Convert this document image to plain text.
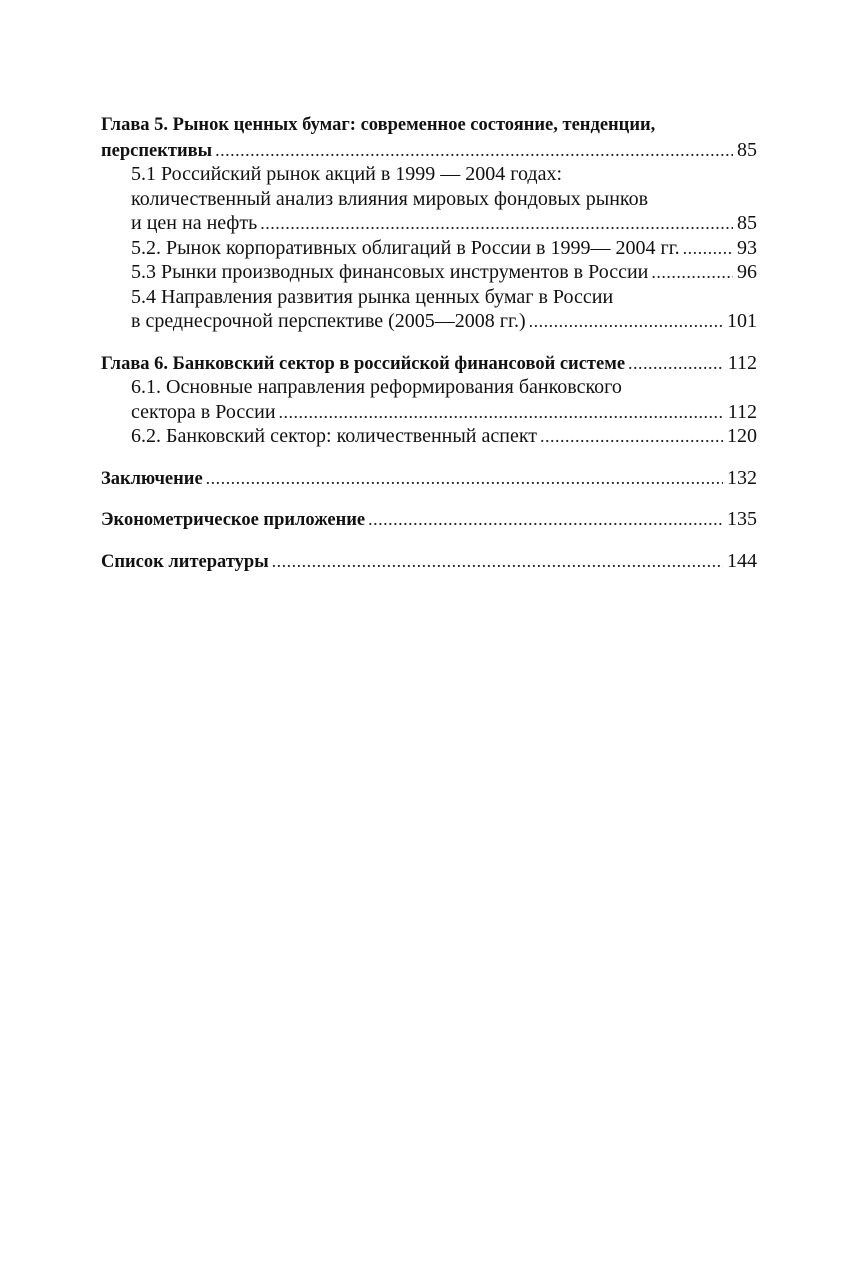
Глава 5. Рынок ценных бумаг: современное состояние, тенденции,
перспективы .....	85
5.1 Российский рынок акций в 1999 — 2004 годах:
количественный анализ влияния мировых фондовых рынков
и цен на нефть .....	85
5.2. Рынок корпоративных облигаций в России в 1999— 2004 гг. .....	93
5.3 Рынки производных финансовых инструментов в России .....	96
5.4 Направления развития рынка ценных бумаг в России
в среднесрочной перспективе (2005—2008 гг.) .....	101
Глава 6. Банковский сектор в российской финансовой системе .....	112
6.1. Основные направления реформирования банковского
сектора в России .....	112
6.2. Банковский сектор: количественный аспект .....	120
Заключение .....	132
Эконометрическое приложение .....	135
Список литературы .....	144
